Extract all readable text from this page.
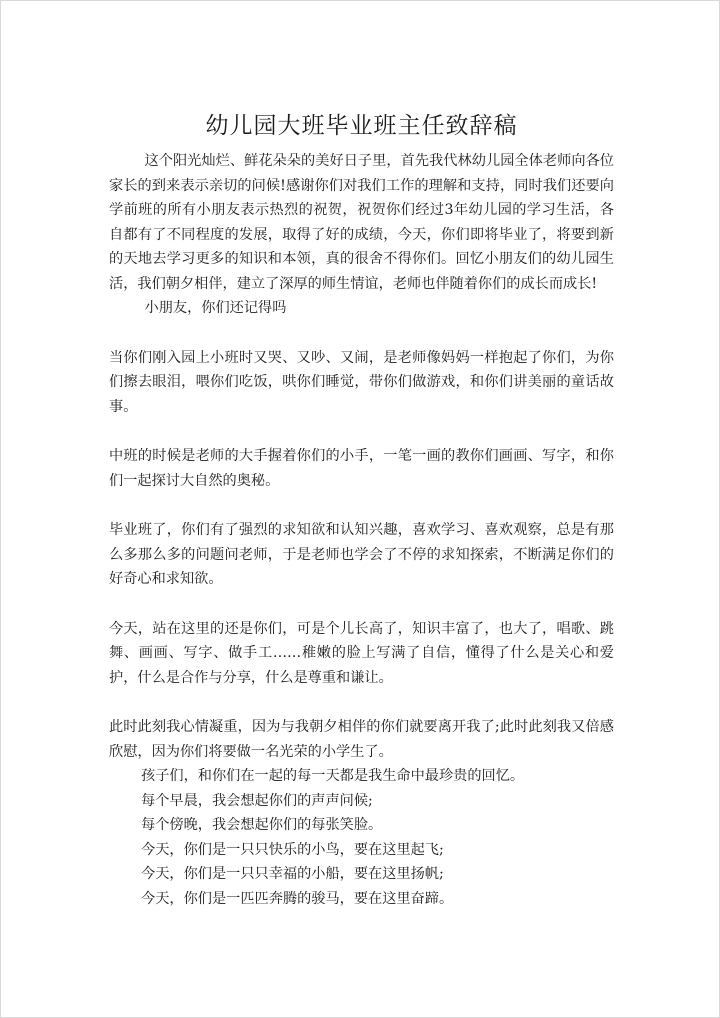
幼儿园大班毕业班主任致辞稿

这个阳光灿烂、鲜花朵朵的美好日子里，首先我代林幼儿园全体老师向各位家长的到来表示亲切的问候!感谢你们对我们工作的理解和支持，同时我们还要向学前班的所有小朋友表示热烈的祝贺，祝贺你们经过3年幼儿园的学习生活，各自都有了不同程度的发展，取得了好的成绩，今天，你们即将毕业了，将要到新的天地去学习更多的知识和本领，真的很舍不得你们。回忆小朋友们的幼儿园生活，我们朝夕相伴，建立了深厚的师生情谊，老师也伴随着你们的成长而成长!

小朋友，你们还记得吗

当你们刚入园上小班时又哭、又吵、又闹，是老师像妈妈一样抱起了你们，为你们擦去眼泪，喂你们吃饭，哄你们睡觉，带你们做游戏，和你们讲美丽的童话故事。

中班的时候是老师的大手握着你们的小手，一笔一画的教你们画画、写字，和你们一起探讨大自然的奥秘。

毕业班了，你们有了强烈的求知欲和认知兴趣，喜欢学习、喜欢观察，总是有那么多那么多的问题问老师，于是老师也学会了不停的求知探索，不断满足你们的好奇心和求知欲。

今天，站在这里的还是你们，可是个儿长高了，知识丰富了，也大了，唱歌、跳舞、画画、写字、做手工……稚嫩的脸上写满了自信，懂得了什么是关心和爱护，什么是合作与分享，什么是尊重和谦让。

此时此刻我心情凝重，因为与我朝夕相伴的你们就要离开我了;此时此刻我又倍感欣慰，因为你们将要做一名光荣的小学生了。

孩子们，和你们在一起的每一天都是我生命中最珍贵的回忆。

每个早晨，我会想起你们的声声问候;

每个傍晚，我会想起你们的每张笑脸。

今天，你们是一只只快乐的小鸟，要在这里起飞;

今天，你们是一只只幸福的小船，要在这里扬帆;

今天，你们是一匹匹奔腾的骏马，要在这里奋蹄。
